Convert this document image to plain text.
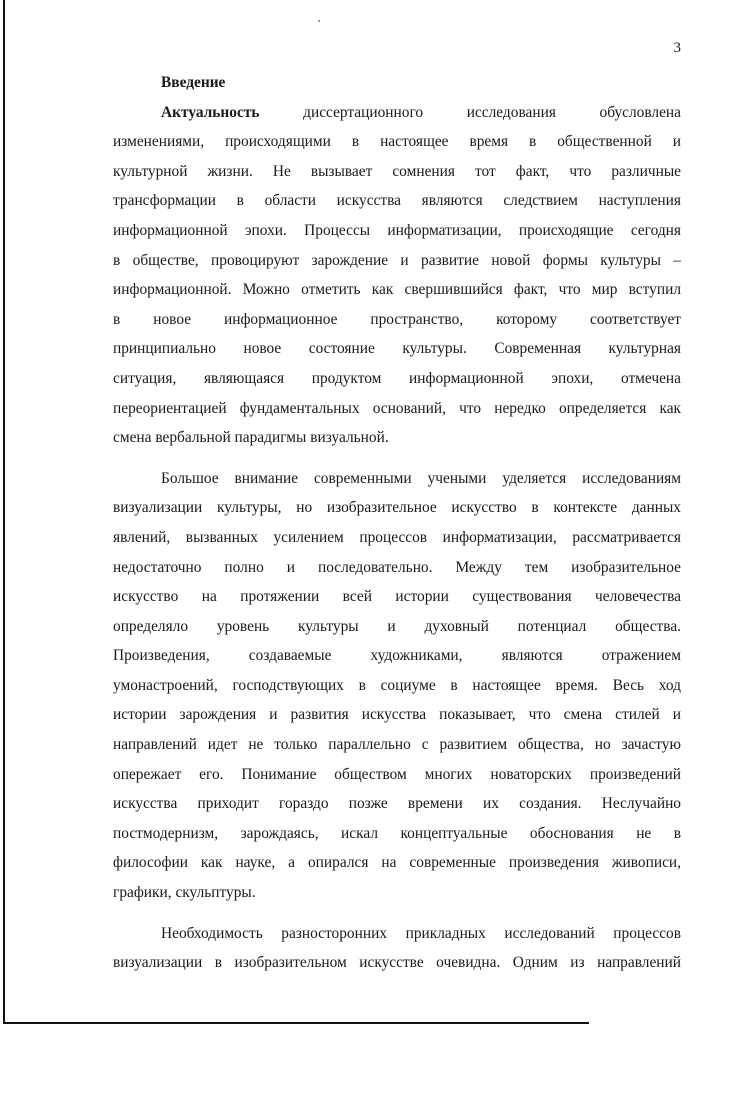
3
Введение
Актуальность диссертационного исследования обусловлена
изменениями, происходящими в настоящее время в общественной и
культурной жизни. Не вызывает сомнения тот факт, что различные
трансформации в области искусства являются следствием наступления
информационной эпохи. Процессы информатизации, происходящие сегодня
в обществе, провоцируют зарождение и развитие новой формы культуры –
информационной. Можно отметить как свершившийся факт, что мир вступил
в новое информационное пространство, которому соответствует
принципиально новое состояние культуры. Современная культурная
ситуация, являющаяся продуктом информационной эпохи, отмечена
переориентацией фундаментальных оснований, что нередко определяется как
смена вербальной парадигмы визуальной.
Большое внимание современными учеными уделяется исследованиям
визуализации культуры, но изобразительное искусство в контексте данных
явлений, вызванных усилением процессов информатизации, рассматривается
недостаточно полно и последовательно. Между тем изобразительное
искусство на протяжении всей истории существования человечества
определяло уровень культуры и духовный потенциал общества.
Произведения, создаваемые художниками, являются отражением
умонастроений, господствующих в социуме в настоящее время. Весь ход
истории зарождения и развития искусства показывает, что смена стилей и
направлений идет не только параллельно с развитием общества, но зачастую
опережает его. Понимание обществом многих новаторских произведений
искусства приходит гораздо позже времени их создания. Неслучайно
постмодернизм, зарождаясь, искал концептуальные обоснования не в
философии как науке, а опирался на современные произведения живописи,
графики, скульптуры.
Необходимость разносторонних прикладных исследований процессов
визуализации в изобразительном искусстве очевидна. Одним из направлений
